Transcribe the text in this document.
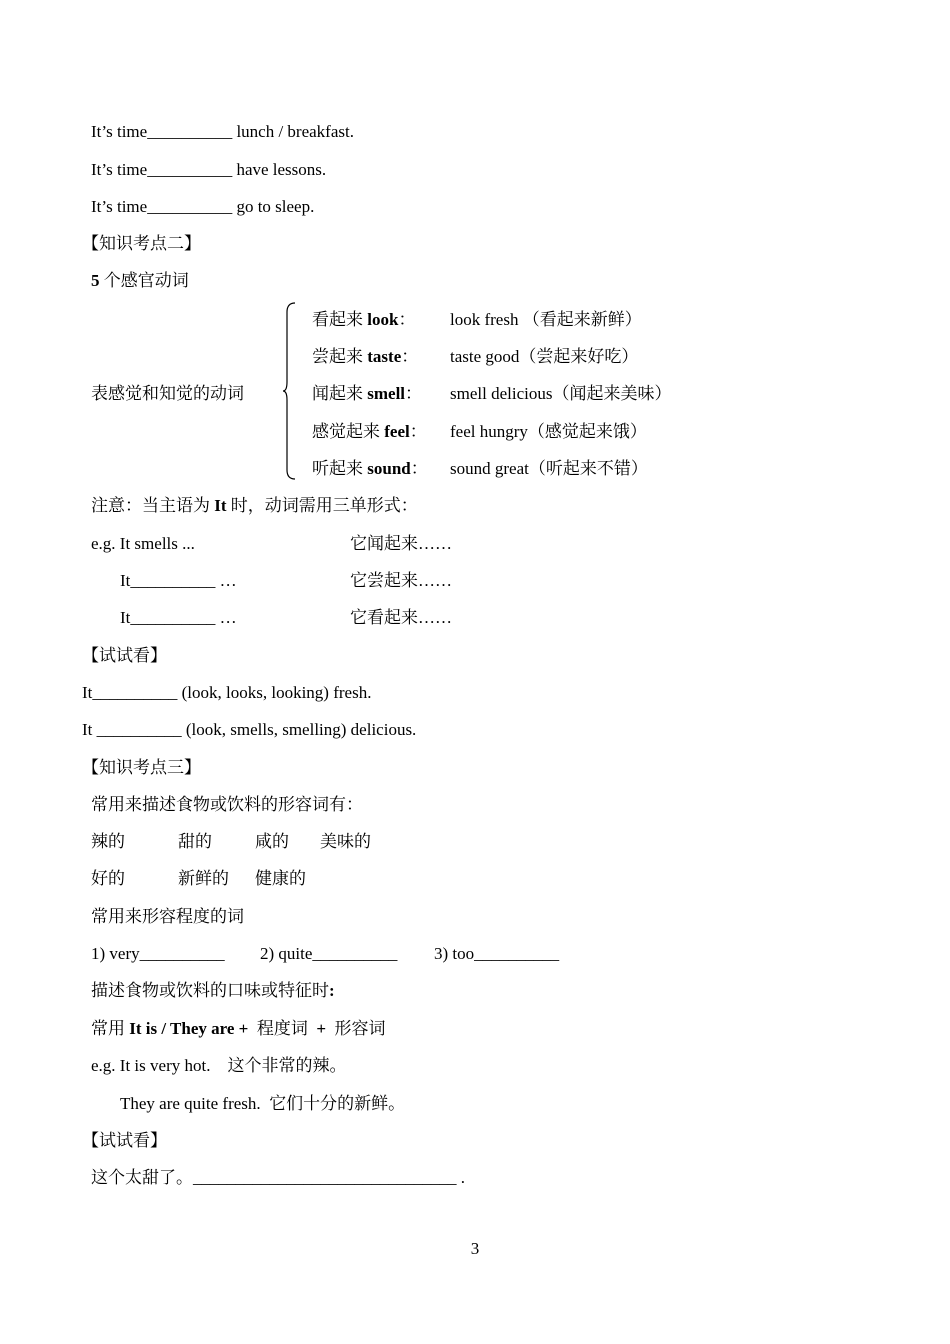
It’s time__________ lunch / breakfast.
It’s time__________ have lessons.
It’s time__________ go to sleep.
【知识考点二】
5 个感官动词
表感觉和知觉的动词
看起来 look： look fresh （看起来新鲜）
尝起来 taste： taste good（尝起来好吃）
闻起来 smell： smell delicious（闻起来美味）
感觉起来 feel： feel hungry（感觉起来饿）
听起来 sound： sound great（听起来不错）
注意：当主语为 It 时，动词需用三单形式：
e.g. It smells ...	它闻起来……
It__________ …	它尝起来……
It__________ …	它看起来……
【试试看】
It__________ (look, looks, looking) fresh.
It __________ (look, smells, smelling) delicious.
【知识考点三】
常用来描述食物或饮料的形容词有：
辣的	甜的	咸的 美味的
好的	新鲜的 健康的
常用来形容程度的词
1) very__________ 2) quite__________ 3) too__________
描述食物或饮料的口味或特征时:
常用 It is / They are +  程度词  +  形容词
e.g. It is very hot.    这个非常的辣。
They are quite fresh.  它们十分的新鲜。
【试试看】
这个太甜了。_______________________________ .
3
